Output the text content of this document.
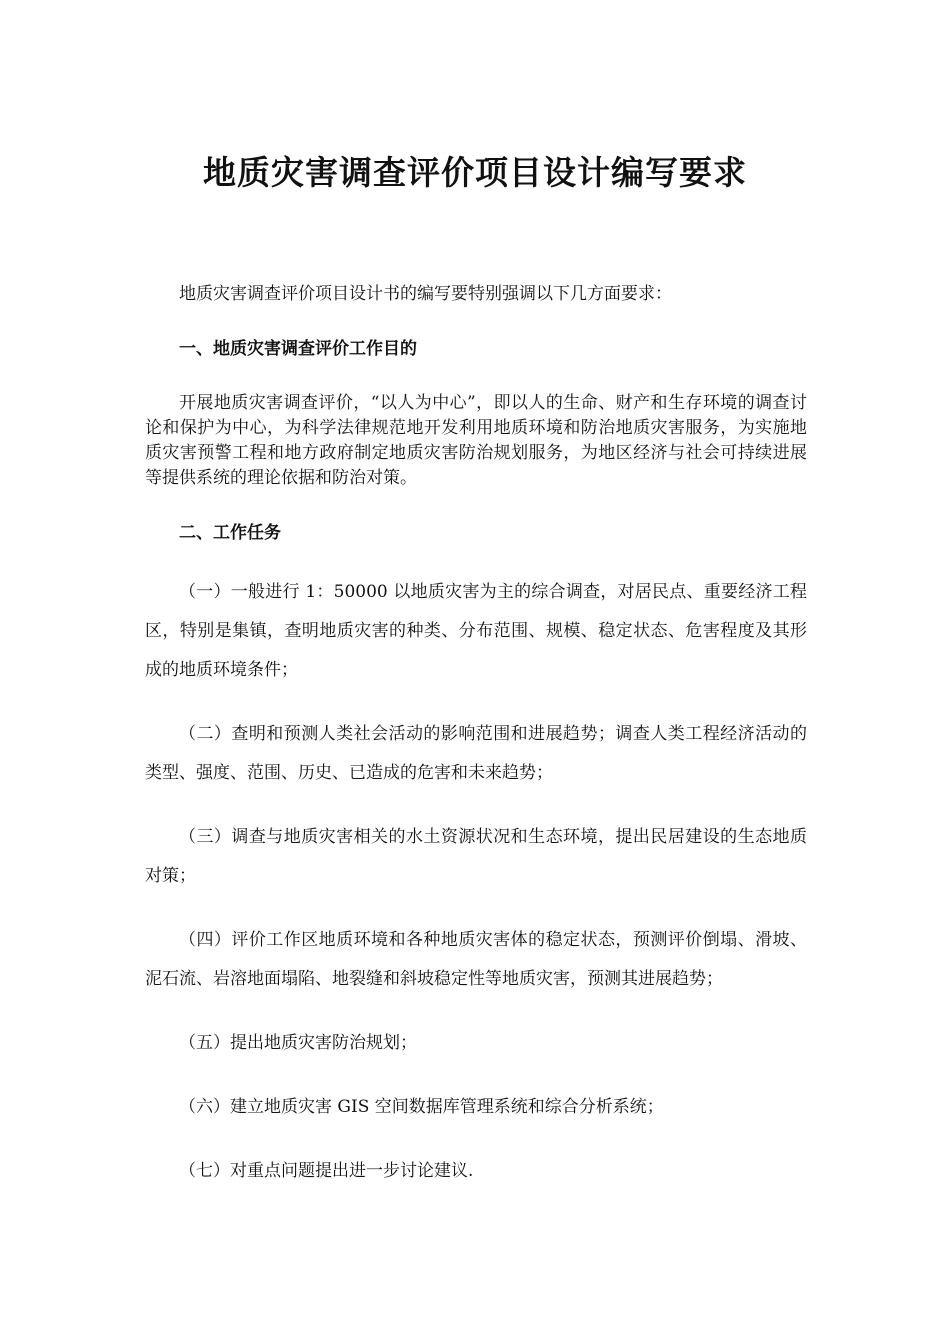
地质灾害调查评价项目设计编写要求

地质灾害调查评价项目设计书的编写要特别强调以下几方面要求：

一、地质灾害调查评价工作目的

开展地质灾害调查评价，“以人为中心”，即以人的生命、财产和生存环境的调查讨论和保护为中心，为科学法律规范地开发利用地质环境和防治地质灾害服务，为实施地质灾害预警工程和地方政府制定地质灾害防治规划服务，为地区经济与社会可持续进展等提供系统的理论依据和防治对策。

二、工作任务

（一）一般进行 1：50000 以地质灾害为主的综合调查，对居民点、重要经济工程区，特别是集镇，查明地质灾害的种类、分布范围、规模、稳定状态、危害程度及其形成的地质环境条件；

（二）查明和预测人类社会活动的影响范围和进展趋势；调查人类工程经济活动的类型、强度、范围、历史、已造成的危害和未来趋势；

（三）调查与地质灾害相关的水土资源状况和生态环境，提出民居建设的生态地质对策；

（四）评价工作区地质环境和各种地质灾害体的稳定状态，预测评价倒塌、滑坡、泥石流、岩溶地面塌陷、地裂缝和斜坡稳定性等地质灾害，预测其进展趋势；

（五）提出地质灾害防治规划；

（六）建立地质灾害 GIS 空间数据库管理系统和综合分析系统；

（七）对重点问题提出进一步讨论建议.
